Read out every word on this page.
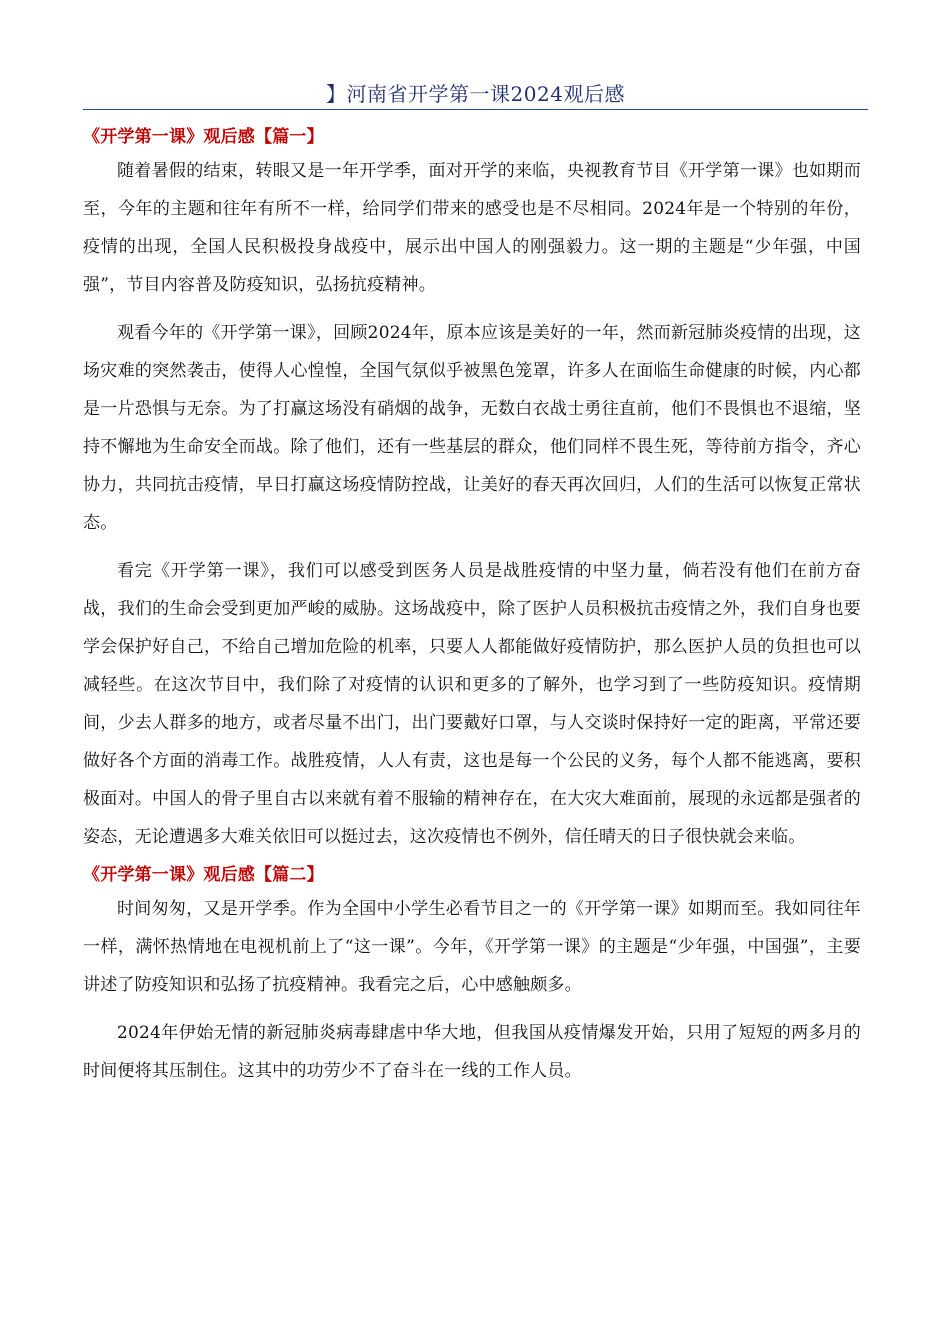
】河南省开学第一课2024观后感

《开学第一课》观后感【篇一】

随着暑假的结束，转眼又是一年开学季，面对开学的来临，央视教育节目《开学第一课》也如期而至，今年的主题和往年有所不一样，给同学们带来的感受也是不尽相同。2024年是一个特别的年份，疫情的出现，全国人民积极投身战疫中，展示出中国人的刚强毅力。这一期的主题是“少年强，中国强”，节目内容普及防疫知识，弘扬抗疫精神。

观看今年的《开学第一课》，回顾2024年，原本应该是美好的一年，然而新冠肺炎疫情的出现，这场灾难的突然袭击，使得人心惶惶，全国气氛似乎被黑色笼罩，许多人在面临生命健康的时候，内心都是一片恐惧与无奈。为了打赢这场没有硝烟的战争，无数白衣战士勇往直前，他们不畏惧也不退缩，坚持不懈地为生命安全而战。除了他们，还有一些基层的群众，他们同样不畏生死，等待前方指令，齐心协力，共同抗击疫情，早日打赢这场疫情防控战，让美好的春天再次回归，人们的生活可以恢复正常状态。

看完《开学第一课》，我们可以感受到医务人员是战胜疫情的中坚力量，倘若没有他们在前方奋战，我们的生命会受到更加严峻的威胁。这场战疫中，除了医护人员积极抗击疫情之外，我们自身也要学会保护好自己，不给自己增加危险的机率，只要人人都能做好疫情防护，那么医护人员的负担也可以减轻些。在这次节目中，我们除了对疫情的认识和更多的了解外，也学习到了一些防疫知识。疫情期间，少去人群多的地方，或者尽量不出门，出门要戴好口罩，与人交谈时保持好一定的距离，平常还要做好各个方面的消毒工作。战胜疫情，人人有责，这也是每一个公民的义务，每个人都不能逃离，要积极面对。中国人的骨子里自古以来就有着不服输的精神存在，在大灾大难面前，展现的永远都是强者的姿态，无论遭遇多大难关依旧可以挺过去，这次疫情也不例外，信任晴天的日子很快就会来临。

《开学第一课》观后感【篇二】

时间匆匆，又是开学季。作为全国中小学生必看节目之一的《开学第一课》如期而至。我如同往年一样，满怀热情地在电视机前上了“这一课”。今年，《开学第一课》的主题是“少年强，中国强”，主要讲述了防疫知识和弘扬了抗疫精神。我看完之后，心中感触颇多。

2024年伊始无情的新冠肺炎病毒肆虐中华大地，但我国从疫情爆发开始，只用了短短的两多月的时间便将其压制住。这其中的功劳少不了奋斗在一线的工作人员。
